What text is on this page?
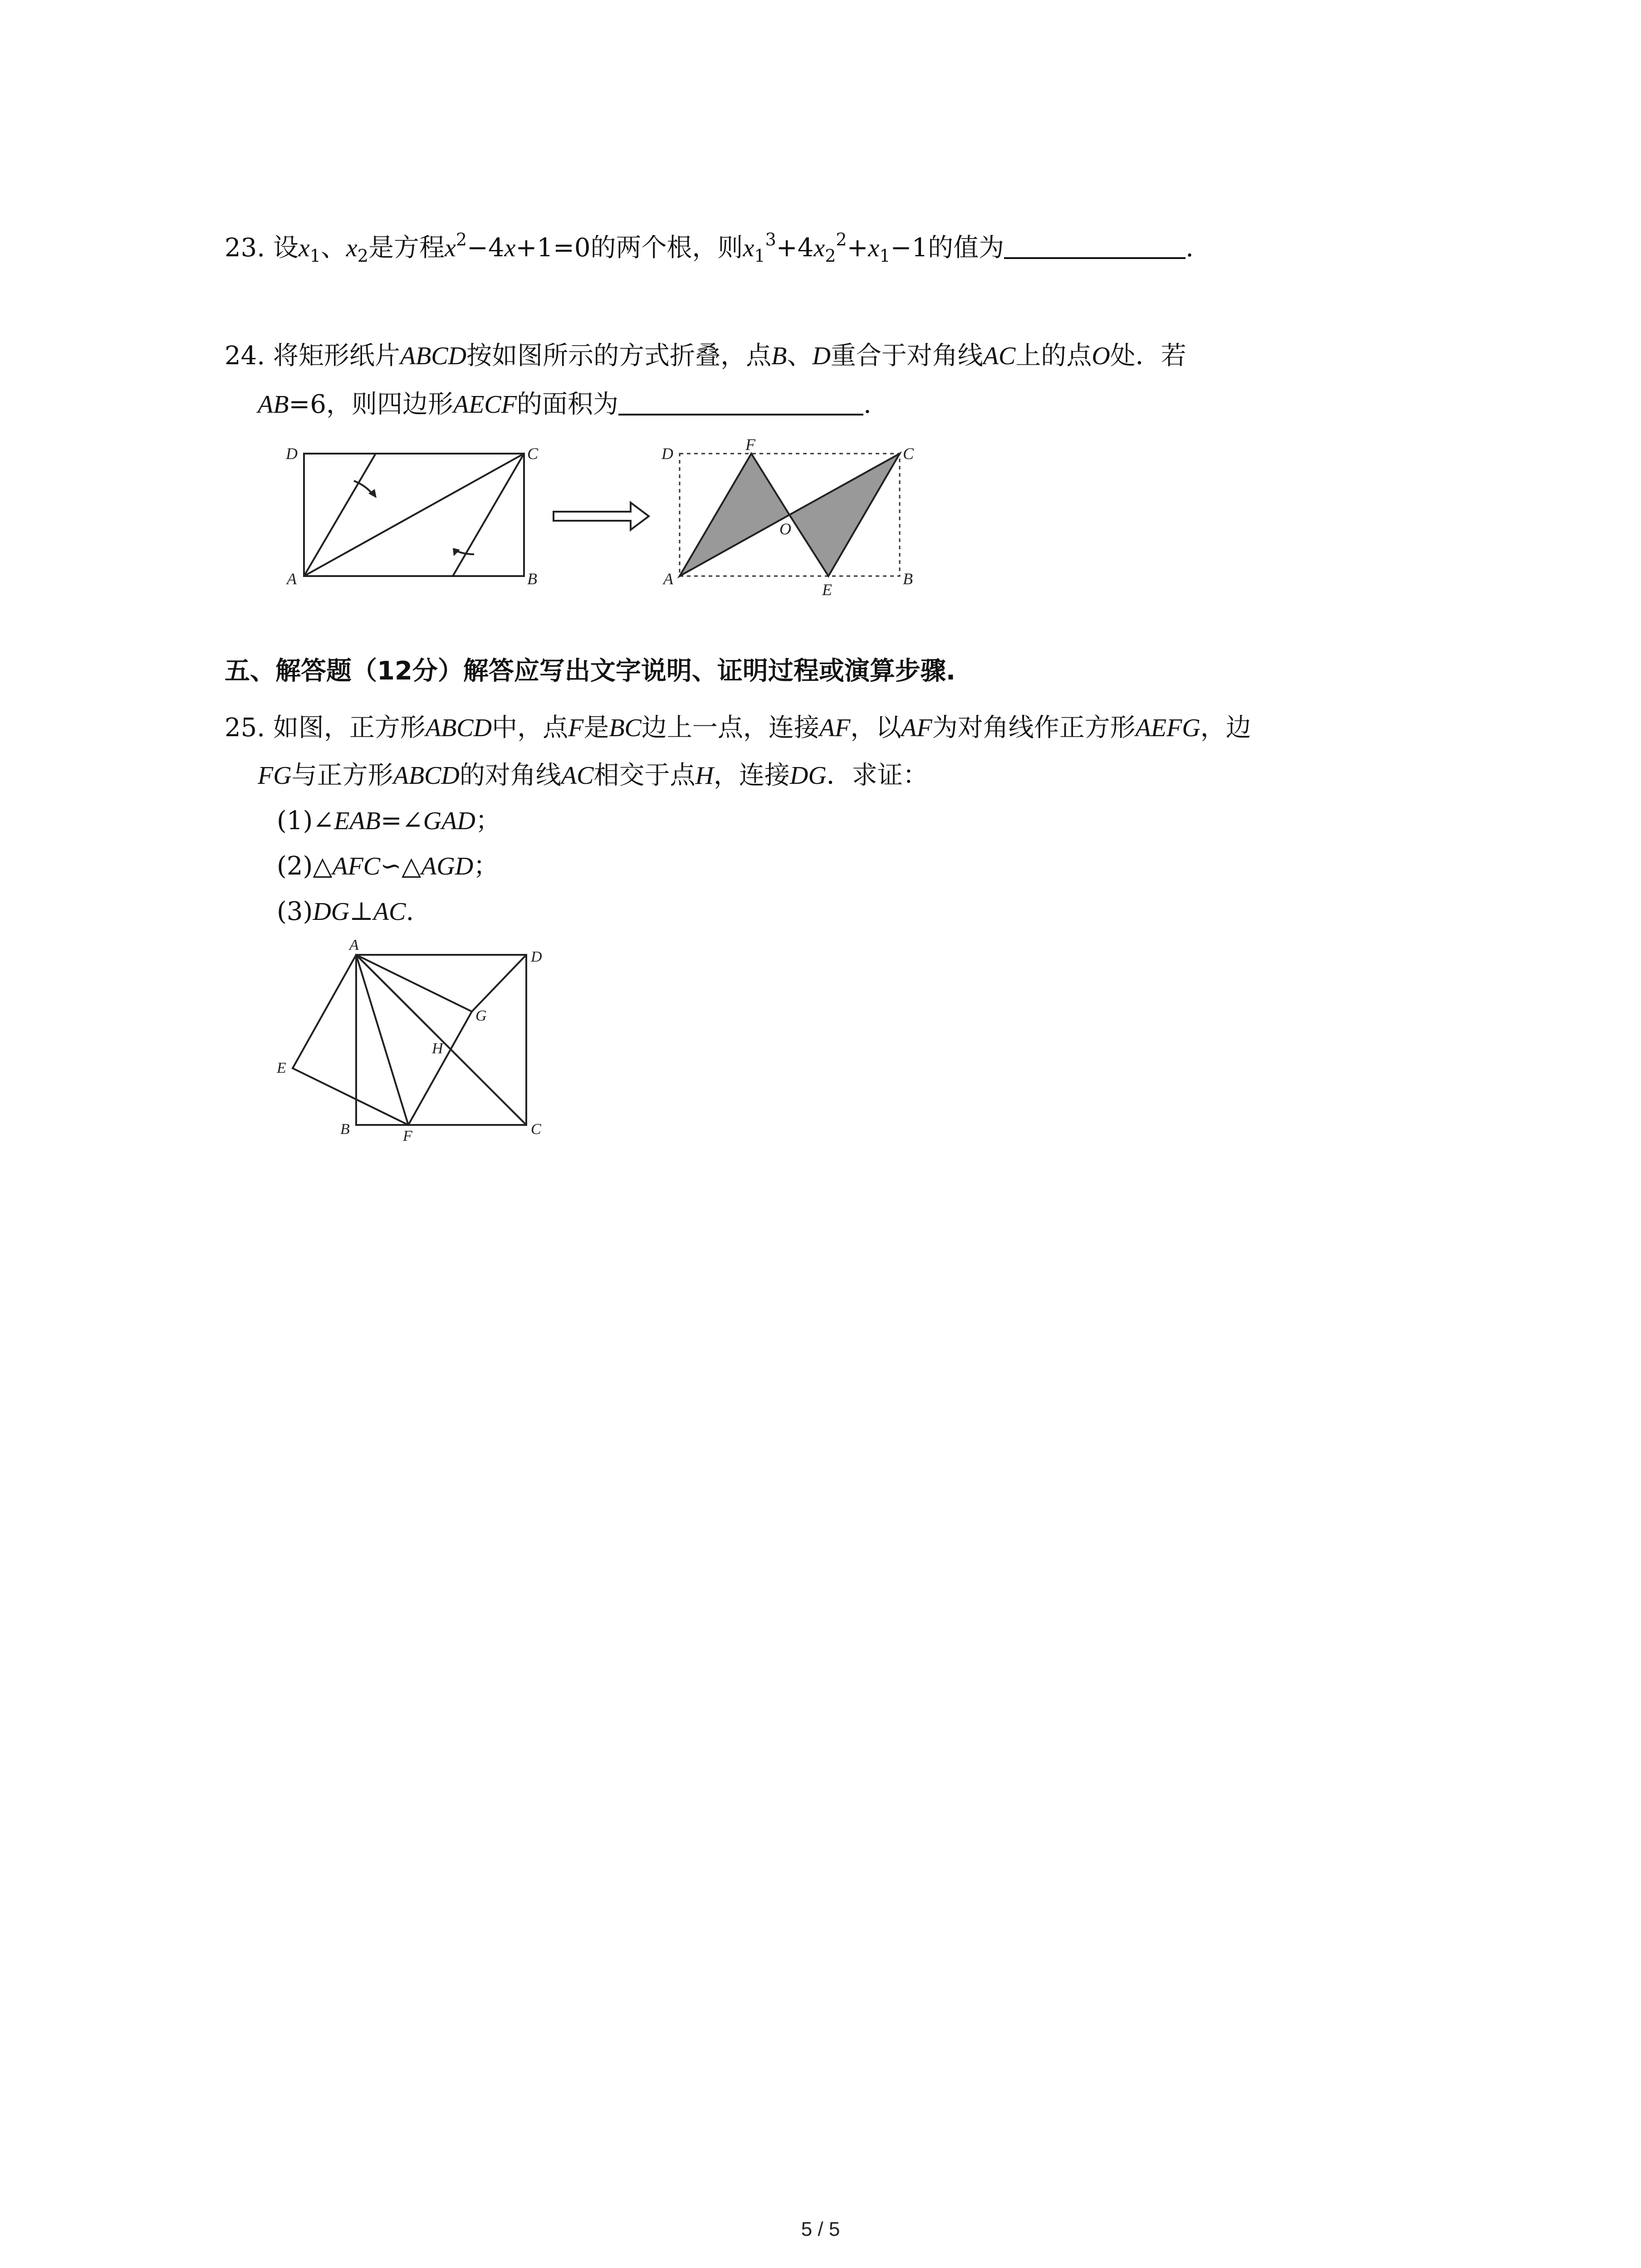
23. 设$x_1$、$x_2$是方程$x^2-4x+1=0$的两个根，则$x_1^3+4x_2^2+x_1-1$的值为	.
24. 将矩形纸片ABCD按如图所示的方式折叠，点B、D重合于对角线AC上的点O处．若
AB=6，则四边形AECF的面积为	.
D	C
A	B
D	F	C
O
A
E
B
五、解答题（12分）解答应写出文字说明、证明过程或演算步骤.
25. 如图，正方形ABCD中，点F是BC边上一点，连接AF，以AF为对角线作正方形AEFG，边
FG与正方形ABCD的对角线AC相交于点H，连接DG．求证：
(1)∠EAB=∠GAD；
(2)△AFC∽△AGD；
(3)DG⊥AC.
A
D
G
H
E
B	F	C
5 / 5
